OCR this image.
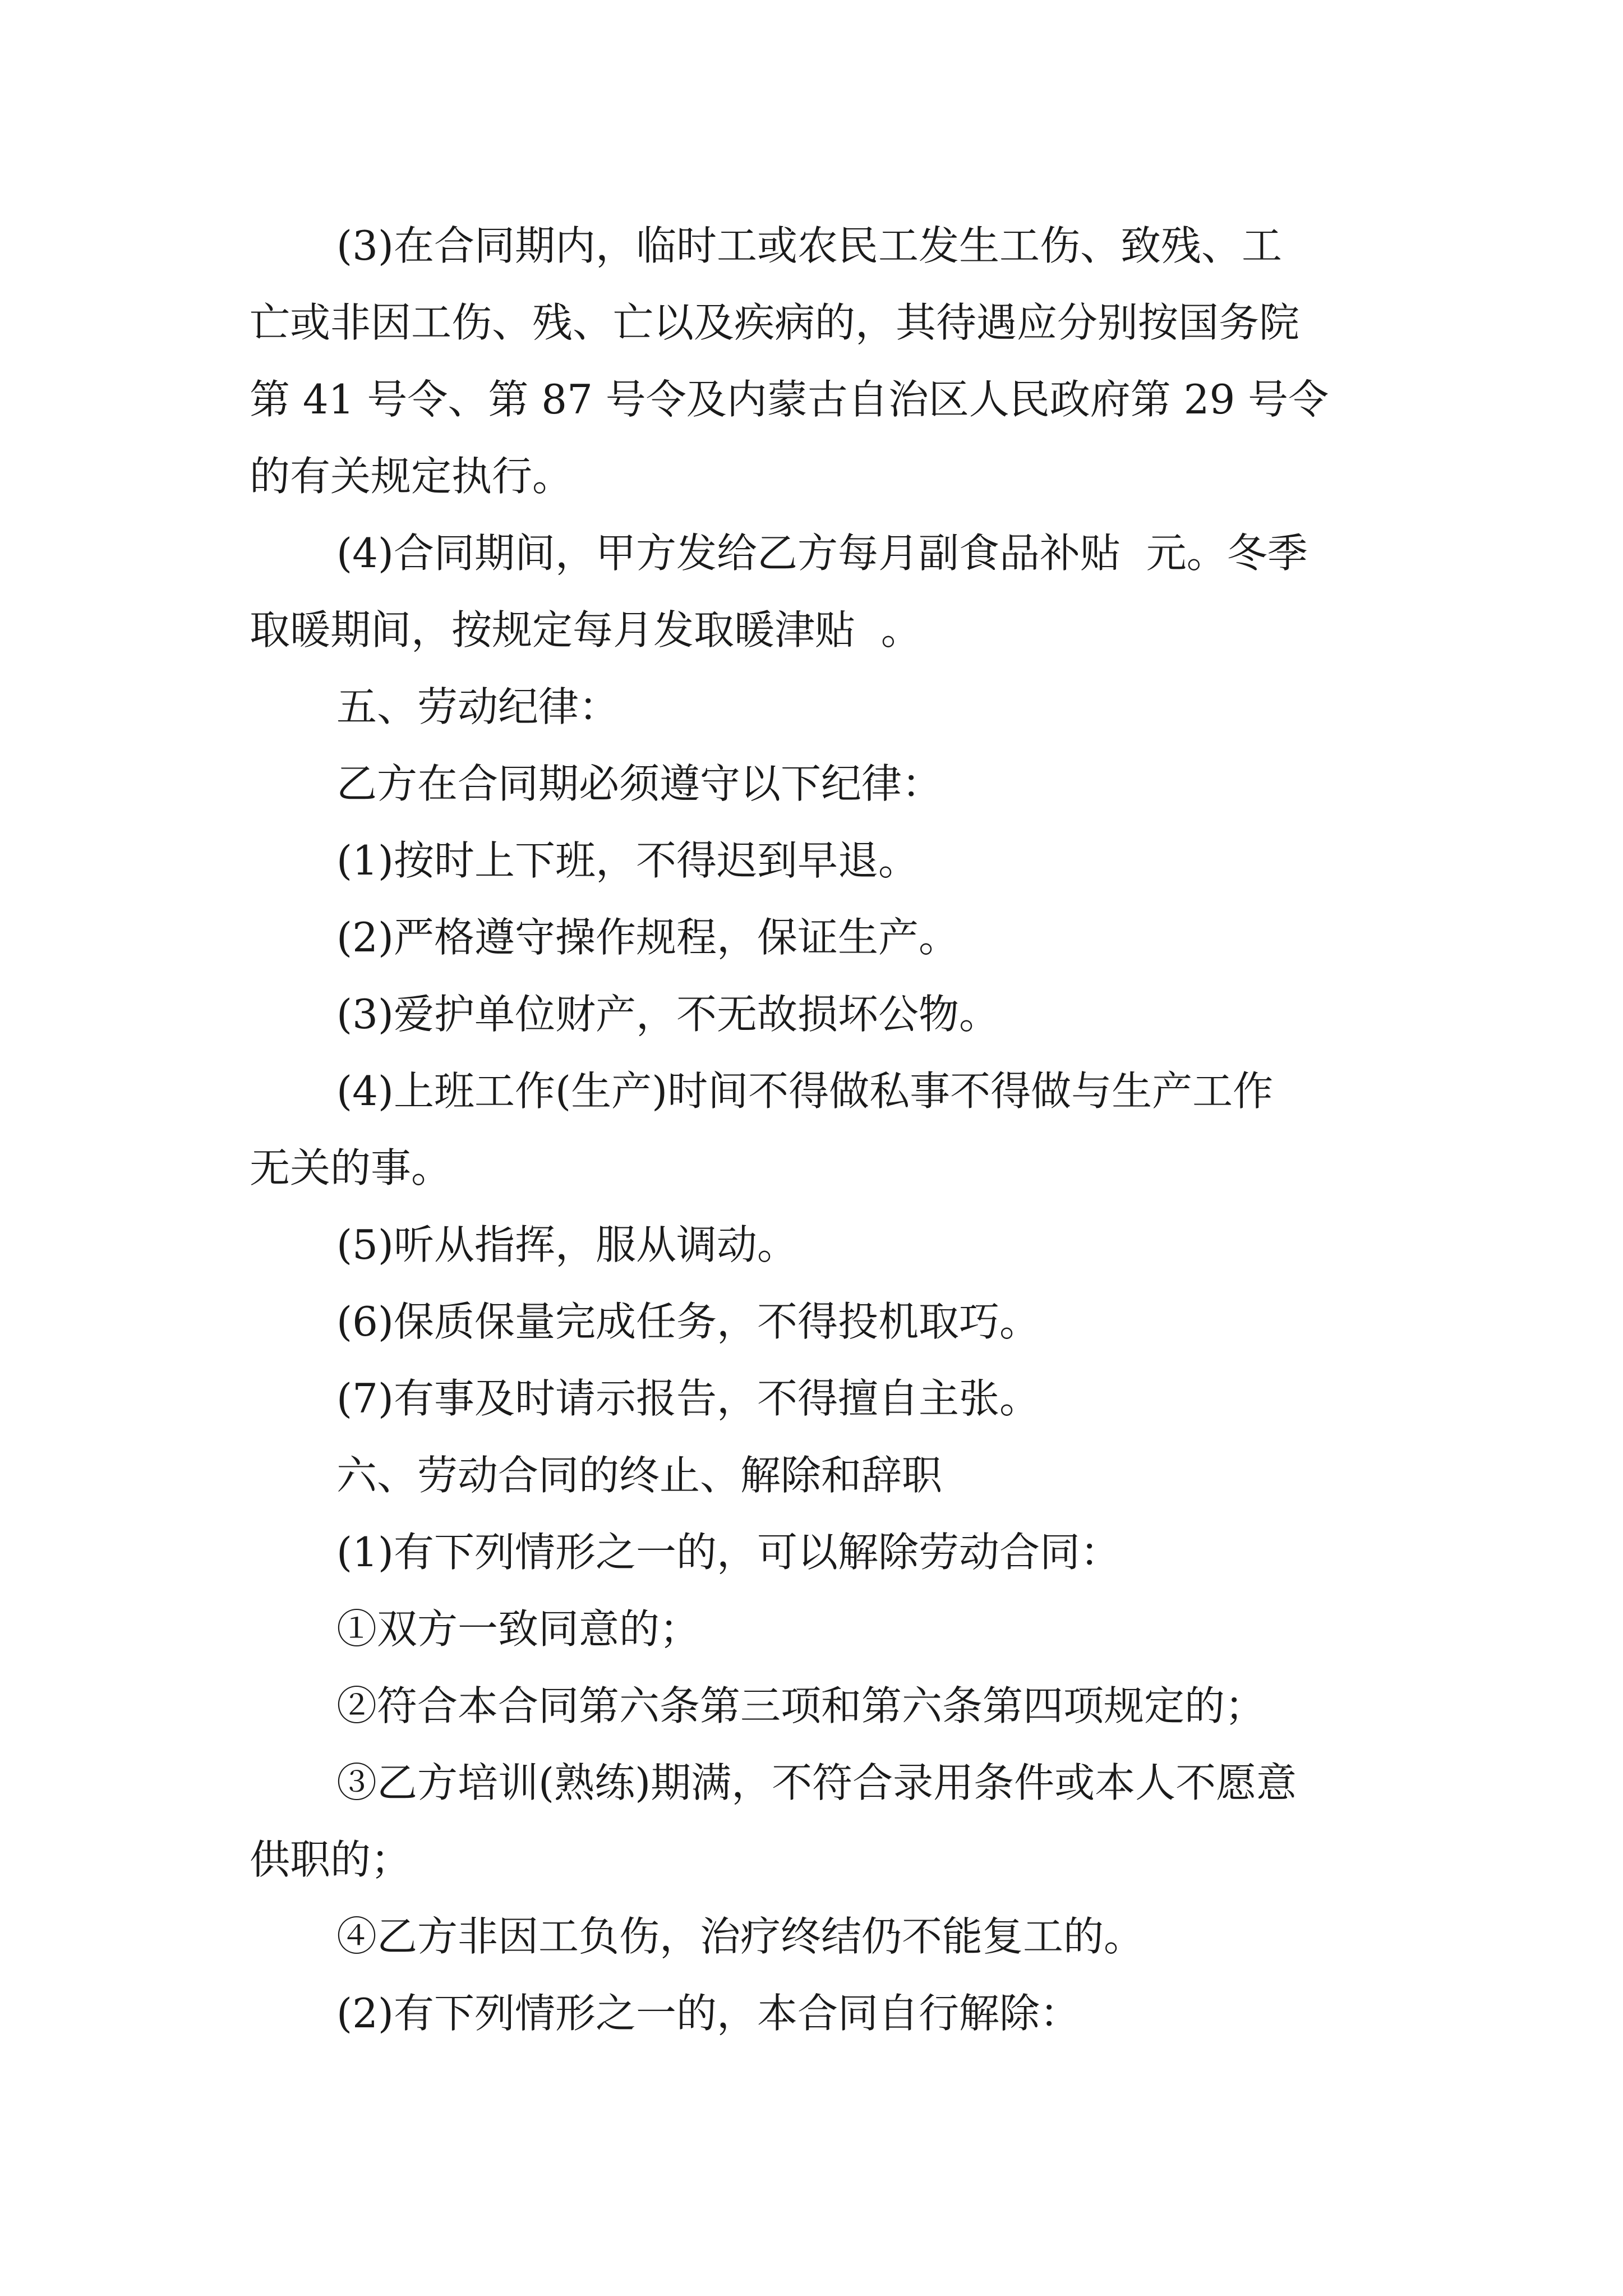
(3)在合同期内，临时工或农民工发生工伤、致残、工
亡或非因工伤、残、亡以及疾病的，其待遇应分别按国务院
第 41 号令、第 87 号令及内蒙古自治区人民政府第 29 号令
的有关规定执行。
(4)合同期间，甲方发给乙方每月副食品补贴  元。冬季
取暖期间，按规定每月发取暖津贴  。
五、劳动纪律：
乙方在合同期必须遵守以下纪律：
(1)按时上下班，不得迟到早退。
(2)严格遵守操作规程，保证生产。
(3)爱护单位财产，不无故损坏公物。
(4)上班工作(生产)时间不得做私事不得做与生产工作
无关的事。
(5)听从指挥，服从调动。
(6)保质保量完成任务，不得投机取巧。
(7)有事及时请示报告，不得擅自主张。
六、劳动合同的终止、解除和辞职
(1)有下列情形之一的，可以解除劳动合同：
①双方一致同意的；
②符合本合同第六条第三项和第六条第四项规定的；
③乙方培训(熟练)期满，不符合录用条件或本人不愿意
供职的；
④乙方非因工负伤，治疗终结仍不能复工的。
(2)有下列情形之一的，本合同自行解除：
